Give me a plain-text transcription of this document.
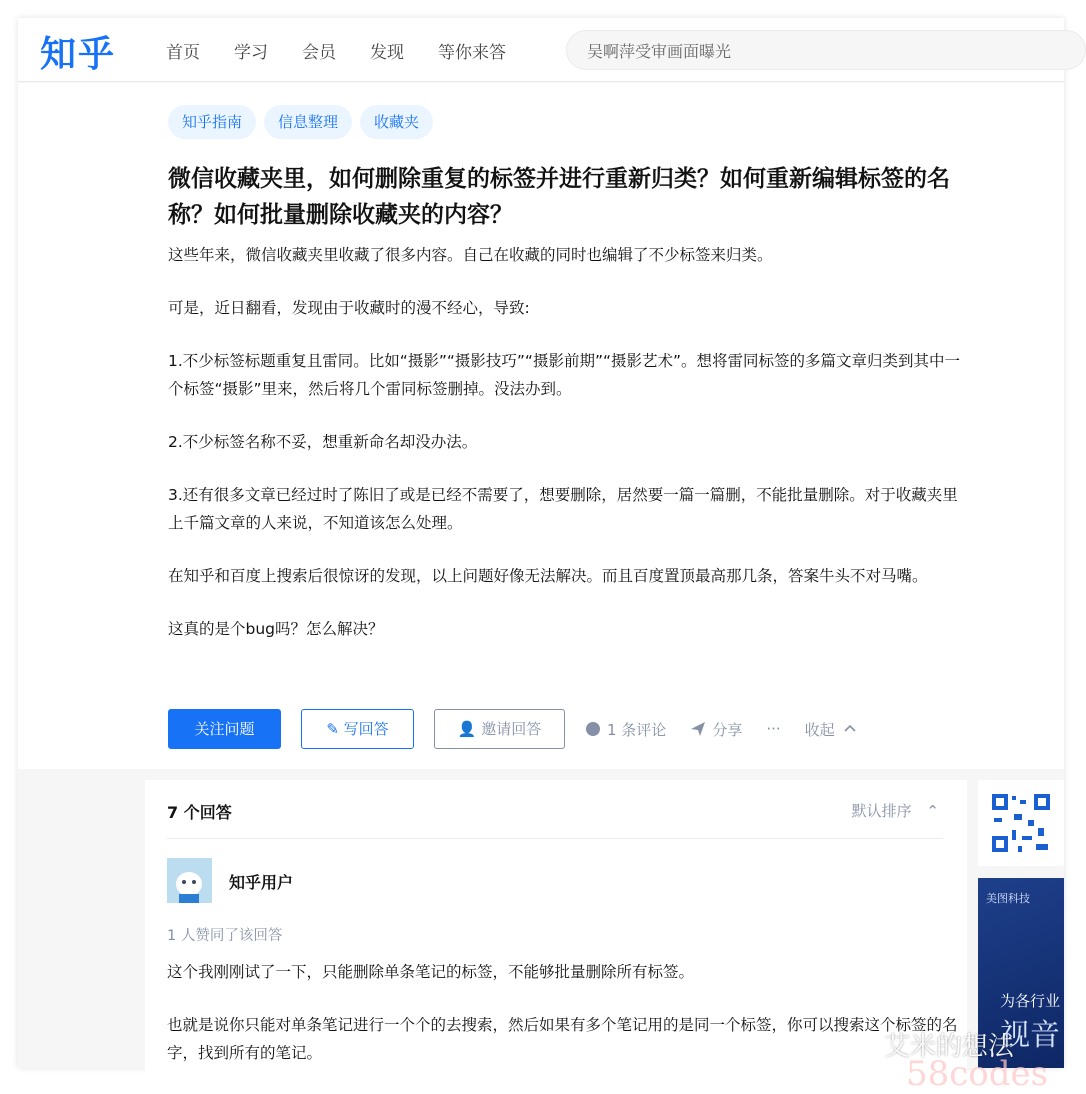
知乎	首页 学习 会员 发现 等你来答	吴啊萍受审画面曝光
知乎指南	信息整理	收藏夹
微信收藏夹里，如何删除重复的标签并进行重新归类？如何重新编辑标签的名称？如何批量删除收藏夹的内容？

这些年来，微信收藏夹里收藏了很多内容。自己在收藏的同时也编辑了不少标签来归类。

可是，近日翻看，发现由于收藏时的漫不经心，导致:

1.不少标签标题重复且雷同。比如“摄影”“摄影技巧”“摄影前期”“摄影艺术”。想将雷同标签的多篇文章归类到其中一个标签“摄影”里来，然后将几个雷同标签删掉。没法办到。

2.不少标签名称不妥，想重新命名却没办法。

3.还有很多文章已经过时了陈旧了或是已经不需要了，想要删除，居然要一篇一篇删，不能批量删除。对于收藏夹里上千篇文章的人来说，不知道该怎么处理。

在知乎和百度上搜索后很惊讶的发现，以上问题好像无法解决。而且百度置顶最高那几条，答案牛头不对马嘴。

这真的是个bug吗？怎么解决？

关注问题	✎ 写回答	👤 邀请回答	1 条评论	分享 ··· 收起
7 个回答	默认排序 ⌃
知乎用户
1 人赞同了该回答

这个我刚刚试了一下，只能删除单条笔记的标签，不能够批量删除所有标签。

也就是说你只能对单条笔记进行一个个的去搜索，然后如果有多个笔记用的是同一个标签，你可以搜索这个标签的名字，找到所有的笔记。

美图科技
为各行业
视音
艾米的想法
58codes
